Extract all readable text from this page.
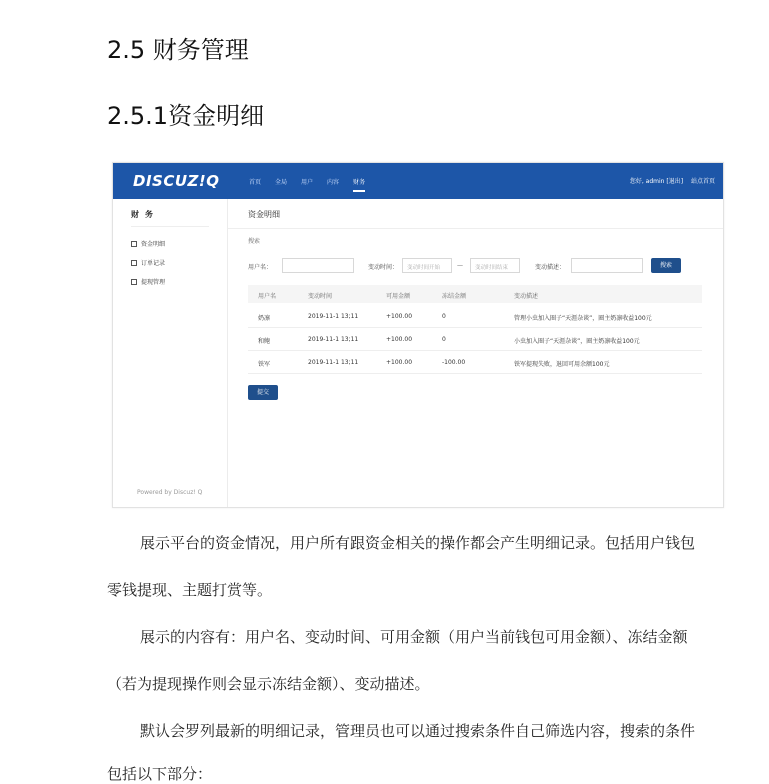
2.5 财务管理
2.5.1资金明细
DISCUZ!Q	首页 全局 用户 内容 财务	您好, admin [退出] 站点首页
财务
资金明细
订单记录
提现管理
Powered by Discuz! Q
资金明细
搜索
用户名：	变动时间：	变动时间开始	—	变动时间结束	变动描述：	搜索
用户名	变动时间	可用金额	冻结金额	变动描述
奶凛	2019-11-1 13;11	+100.00	0	管理小虫加入圈子“天涯杂谈”，圈主奶凛收益100元
和鲍	2019-11-1 13;11	+100.00	0	小虫加入圈子“天涯杂谈”，圈主奶凛收益100元
铁军	2019-11-1 13;11	+100.00	-100.00	铁军提现失败，退回可用余额100元
提交

展示平台的资金情况，用户所有跟资金相关的操作都会产生明细记录。包括用户钱包

零钱提现、主题打赏等。

展示的内容有：用户名、变动时间、可用金额（用户当前钱包可用金额）、冻结金额

（若为提现操作则会显示冻结金额）、变动描述。

默认会罗列最新的明细记录，管理员也可以通过搜索条件自己筛选内容，搜索的条件

包括以下部分：
